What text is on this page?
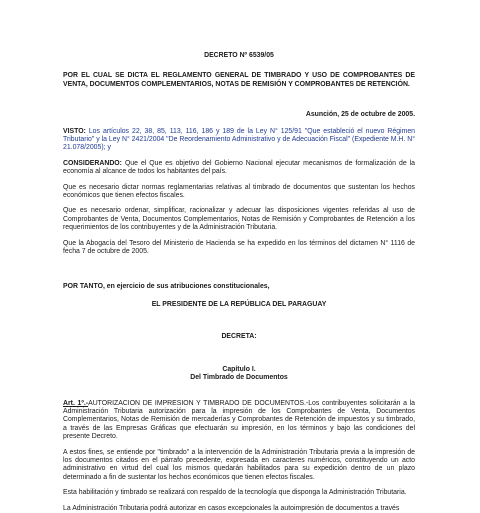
DECRETO Nº 6539/05

POR EL CUAL SE DICTA EL REGLAMENTO GENERAL DE TIMBRADO Y USO DE COMPROBANTES DE VENTA, DOCUMENTOS COMPLEMENTARIOS, NOTAS DE REMISIÓN Y COMPROBANTES DE RETENCIÓN.

Asunción, 25 de octubre de 2005.

VISTO: Los artículos 22, 38, 85, 113, 116, 186 y 189 de la Ley N° 125/91 "Que estableció el nuevo Régimen Tributario" y la Ley N° 2421/2004 "De Reordenamiento Administrativo y de Adecuación Fiscal" (Expediente M.H. N° 21.078/2005); y

CONSIDERANDO: Que el Que es objetivo del Gobierno Nacional ejecutar mecanismos de formalización de la economía al alcance de todos los habitantes del país.

Que es necesario dictar normas reglamentarias relativas al timbrado de documentos que sustentan los hechos económicos que tienen efectos fiscales.

Que es necesario ordenar, simplificar, racionalizar y adecuar las disposiciones vigentes referidas al uso de Comprobantes de Venta, Documentos Complementarios, Notas de Remisión y Comprobantes de Retención a los requerimientos de los contribuyentes y de la Administración Tributaria.

Que la Abogacía del Tesoro del Ministerio de Hacienda se ha expedido en los términos del dictamen N° 1116 de fecha 7 de octubre de 2005.

POR TANTO, en ejercicio de sus atribuciones constitucionales,

EL PRESIDENTE DE LA REPÚBLICA DEL PARAGUAY

DECRETA:

Capítulo I.

Del Timbrado de Documentos

Art. 1º.-AUTORIZACION DE IMPRESION Y TIMBRADO DE DOCUMENTOS.-Los contribuyentes solicitarán a la Administración Tributaria autorización para la impresión de los Comprobantes de Venta, Documentos Complementarios, Notas de Remisión de mercaderías y Comprobantes de Retención de impuestos y su timbrado, a través de las Empresas Gráficas que efectuarán su impresión, en los términos y bajo las condiciones del presente Decreto.

A estos fines, se entiende por "timbrado" a la intervención de la Administración Tributaria previa a la impresión de los documentos citados en el párrafo precedente, expresada en caracteres numéricos, constituyendo un acto administrativo en virtud del cual los mismos quedarán habilitados para su expedición dentro de un plazo determinado a fin de sustentar los hechos económicos que tienen efectos fiscales.

Esta habilitación y timbrado se realizará con respaldo de la tecnología que disponga la Administración Tributaria.

La Administración Tributaria podrá autorizar en casos excepcionales la autoimpresión de documentos a través
